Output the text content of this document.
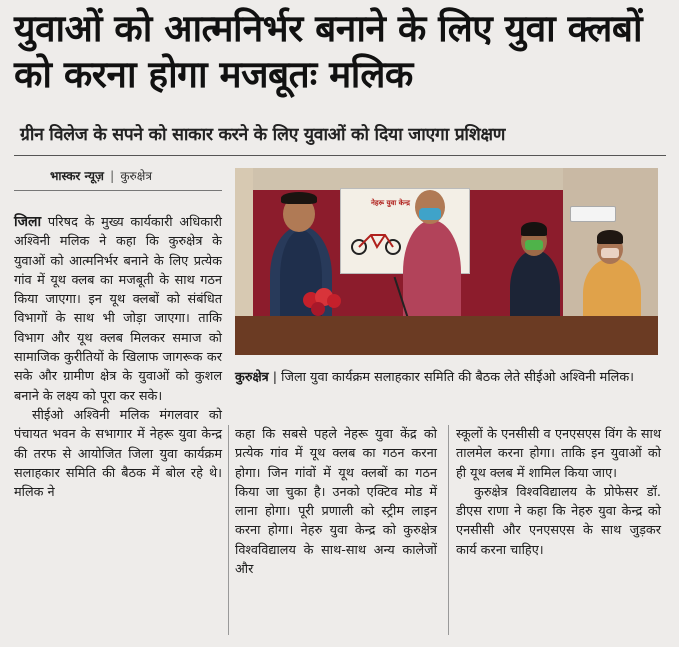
युवाओं को आत्मनिर्भर बनाने के लिए युवा क्लबों को करना होगा मजबूतः मलिक
ग्रीन विलेज के सपने को साकार करने के लिए युवाओं को दिया जाएगा प्रशिक्षण
भास्कर न्यूज़ | कुरुक्षेत्र

जिला परिषद के मुख्य कार्यकारी अधिकारी अश्विनी मलिक ने कहा कि कुरुक्षेत्र के युवाओं को आत्मनिर्भर बनाने के लिए प्रत्येक गांव में यूथ क्लब का मजबूती के साथ गठन किया जाएगा। इन यूथ क्लबों को संबंधित विभागों के साथ भी जोड़ा जाएगा। ताकि विभाग और यूथ क्लब मिलकर समाज को सामाजिक कुरीतियों के खिलाफ जागरूक कर सके और ग्रामीण क्षेत्र के युवाओं को कुशल बनाने के लक्ष्य को पूरा कर सके।

सीईओ अश्विनी मलिक मंगलवार को पंचायत भवन के सभागार में नेहरू युवा केन्द्र की तरफ से आयोजित जिला युवा कार्यक्रम सलाहकार समिति की बैठक में बोल रहे थे। मलिक ने

नेहरू युवा केन्द्र
कुरुक्षेत्र | जिला युवा कार्यक्रम सलाहकार समिति की बैठक लेते सीईओ अश्विनी मलिक।

कहा कि सबसे पहले नेहरू युवा केंद्र को प्रत्येक गांव में यूथ क्लब का गठन करना होगा। जिन गांवों में यूथ क्लबों का गठन किया जा चुका है। उनको एक्टिव मोड में लाना होगा। पूरी प्रणाली को स्ट्रीम लाइन करना होगा। नेहरु युवा केन्द्र को कुरुक्षेत्र विश्वविद्यालय के साथ-साथ अन्य कालेजों और

स्कूलों के एनसीसी व एनएसएस विंग के साथ तालमेल करना होगा। ताकि इन युवाओं को ही यूथ क्लब में शामिल किया जाए।

कुरुक्षेत्र विश्वविद्यालय के प्रोफेसर डॉ. डीएस राणा ने कहा कि नेहरु युवा केन्द्र को एनसीसी और एनएसएस के साथ जुड़कर कार्य करना चाहिए।
